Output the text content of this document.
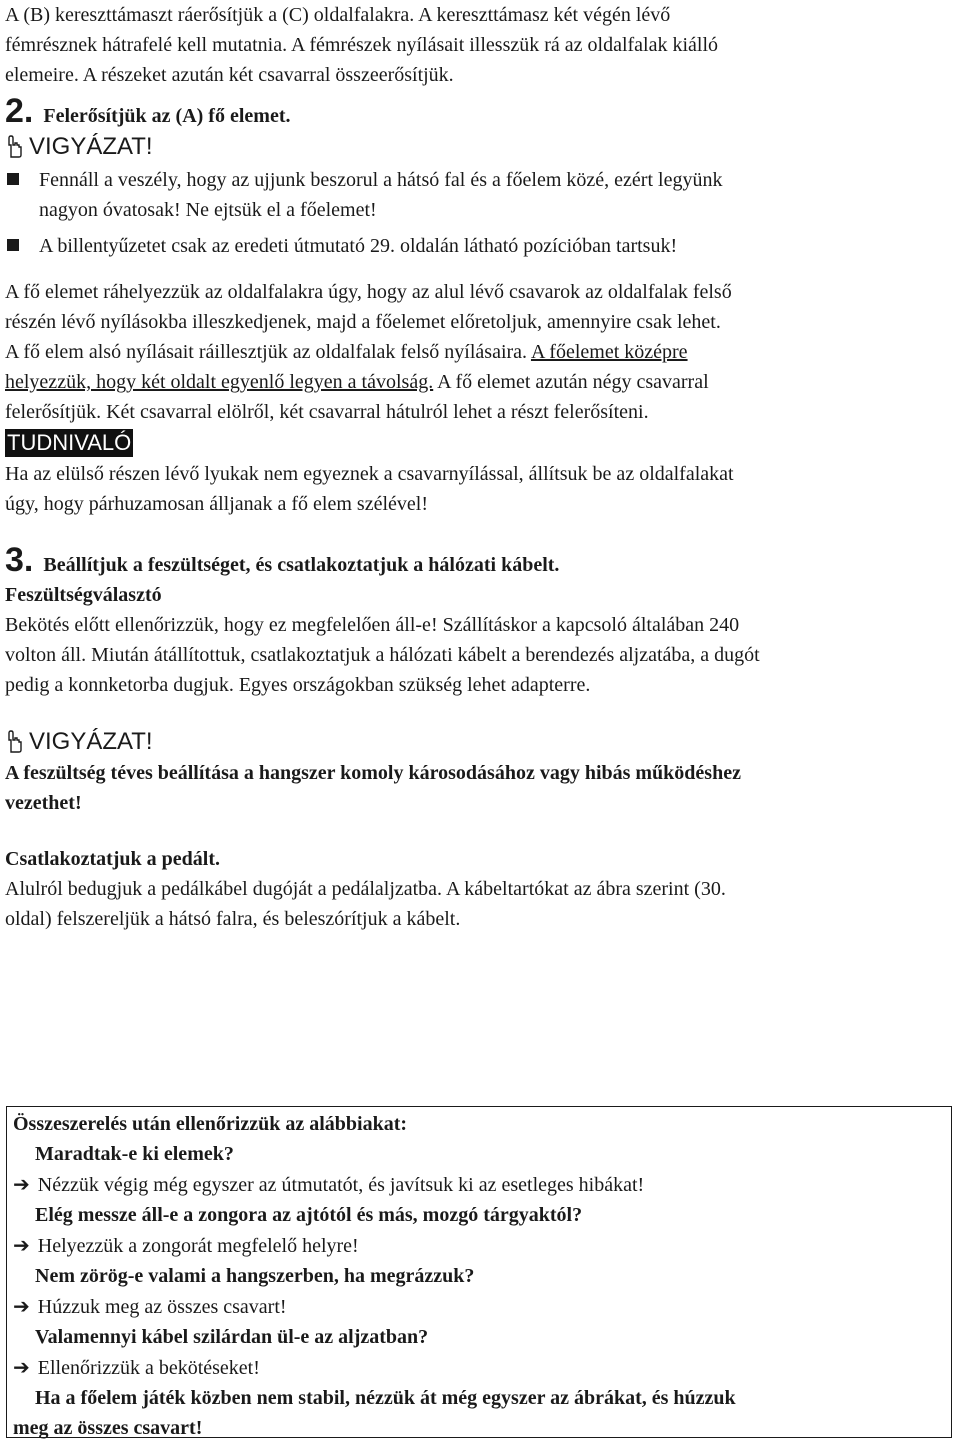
A (B) kereszttámaszt ráerősítjük a (C) oldalfalakra. A kereszttámasz két végén lévő

fémrésznek hátrafelé kell mutatnia. A fémrészek nyílásait illesszük rá az oldalfalak kiálló

elemeire. A részeket azután két csavarral összeerősítjük.

2. Felerősítjük az (A) fő elemet.
VIGYÁZAT!

Fennáll a veszély, hogy az ujjunk beszorul a hátsó fal és a főelem közé, ezért legyünk

nagyon óvatosak! Ne ejtsük el a főelemet!

A billentyűzetet csak az eredeti útmutató 29. oldalán látható pozícióban tartsuk!

A fő elemet ráhelyezzük az oldalfalakra úgy, hogy az alul lévő csavarok az oldalfalak felső

részén lévő nyílásokba illeszkedjenek, majd a főelemet előretoljuk, amennyire csak lehet.

A fő elem alsó nyílásait ráillesztjük az oldalfalak felső nyílásaira. A főelemet középre

helyezzük, hogy két oldalt egyenlő legyen a távolság. A fő elemet azután négy csavarral

felerősítjük. Két csavarral elölről, két csavarral hátulról lehet a részt felerősíteni.

TUDNIVALÓ

Ha az elülső részen lévő lyukak nem egyeznek a csavarnyílással, állítsuk be az oldalfalakat

úgy, hogy párhuzamosan álljanak a fő elem szélével!

3. Beállítjuk a feszültséget, és csatlakoztatjuk a hálózati kábelt.

Feszültségválasztó

Bekötés előtt ellenőrizzük, hogy ez megfelelően áll-e! Szállításkor a kapcsoló általában 240

volton áll. Miután átállítottuk, csatlakoztatjuk a hálózati kábelt a berendezés aljzatába, a dugót

pedig a konnketorba dugjuk. Egyes országokban szükség lehet adapterre.

VIGYÁZAT!

A feszültség téves beállítása a hangszer komoly károsodásához vagy hibás működéshez

vezethet!

Csatlakoztatjuk a pedált.

Alulról bedugjuk a pedálkábel dugóját a pedálaljzatba. A kábeltartókat az ábra szerint (30.

oldal) felszereljük a hátsó falra, és beleszórítjuk a kábelt.

Összeszerelés után ellenőrizzük az alábbiakat:

Maradtak-e ki elemek?

➔ Nézzük végig még egyszer az útmutatót, és javítsuk ki az esetleges hibákat!

Elég messze áll-e a zongora az ajtótól és más, mozgó tárgyaktól?

➔ Helyezzük a zongorát megfelelő helyre!

Nem zörög-e valami a hangszerben, ha megrázzuk?

➔ Húzzuk meg az összes csavart!

Valamennyi kábel szilárdan ül-e az aljzatban?

➔ Ellenőrizzük a bekötéseket!

Ha a főelem játék közben nem stabil, nézzük át még egyszer az ábrákat, és húzzuk

meg az összes csavart!
